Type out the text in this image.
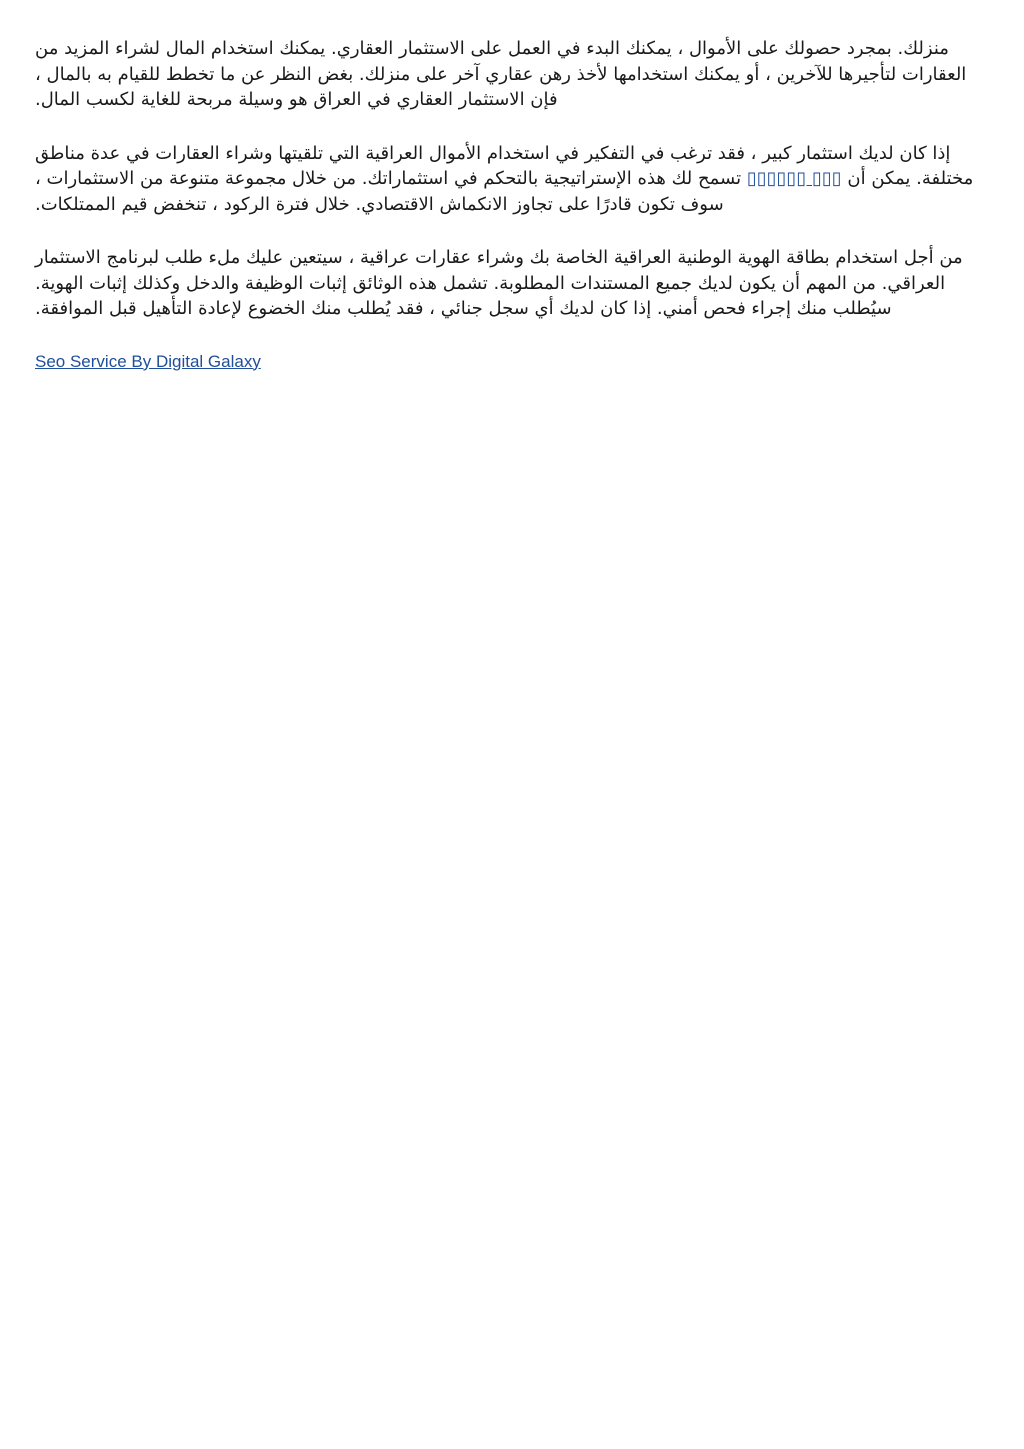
منزلك. بمجرد حصولك على الأموال ، يمكنك البدء في العمل على الاستثمار العقاري. يمكنك استخدام المال لشراء المزيد من العقارات لتأجيرها للآخرين ، أو يمكنك استخدامها لأخذ رهن عقاري آخر على منزلك. بغض النظر عن ما تخطط للقيام به بالمال ، فإن الاستثمار العقاري في العراق هو وسيلة مربحة للغاية لكسب المال.

إذا كان لديك استثمار كبير ، فقد ترغب في التفكير في استخدام الأموال العراقية التي تلقيتها وشراء العقارات في عدة مناطق مختلفة. يمكن أن ▯▯▯ ▯▯▯▯▯▯ تسمح لك هذه الإستراتيجية بالتحكم في استثماراتك. من خلال مجموعة متنوعة من الاستثمارات ، سوف تكون قادرًا على تجاوز الانكماش الاقتصادي. خلال فترة الركود ، تنخفض قيم الممتلكات.

من أجل استخدام بطاقة الهوية الوطنية العراقية الخاصة بك وشراء عقارات عراقية ، سيتعين عليك ملء طلب لبرنامج الاستثمار العراقي. من المهم أن يكون لديك جميع المستندات المطلوبة. تشمل هذه الوثائق إثبات الوظيفة والدخل وكذلك إثبات الهوية. سيُطلب منك إجراء فحص أمني. إذا كان لديك أي سجل جنائي ، فقد يُطلب منك الخضوع لإعادة التأهيل قبل الموافقة.

Seo Service By Digital Galaxy
